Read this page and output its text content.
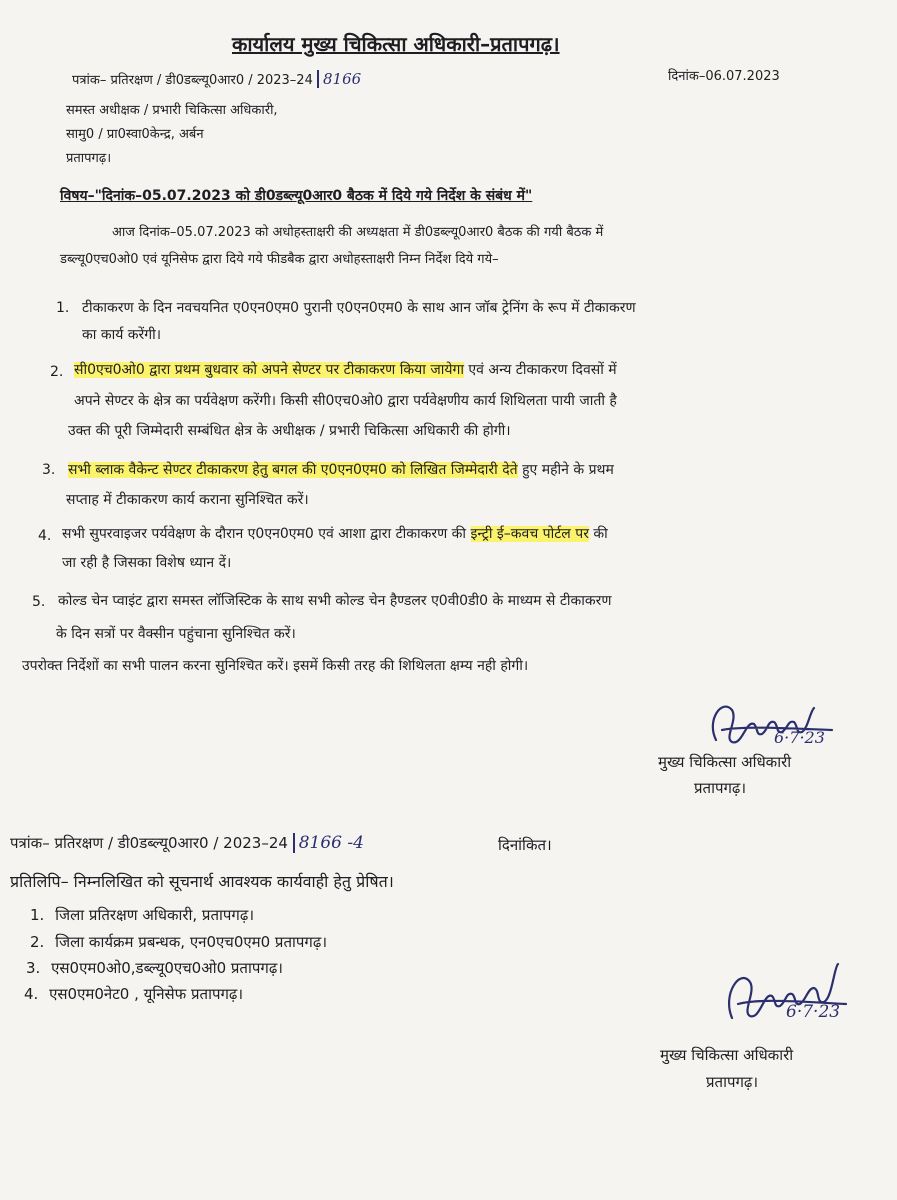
कार्यालय मुख्य चिकित्सा अधिकारी–प्रतापगढ़।
पत्रांक– प्रतिरक्षण / डी0डब्ल्यू0आर0 / 2023–24 8166	दिनांक–06.07.2023
समस्त अधीक्षक / प्रभारी चिकित्सा अधिकारी,
सामु0 / प्रा0स्वा0केन्द्र, अर्बन
प्रतापगढ़।
विषय–"दिनांक–05.07.2023 को डी0डब्ल्यू0आर0 बैठक में दिये गये निर्देश के संबंध में"
आज दिनांक–05.07.2023 को अधोहस्ताक्षरी की अध्यक्षता में डी0डब्ल्यू0आर0 बैठक की गयी बैठक में
डब्ल्यू0एच0ओ0 एवं यूनिसेफ द्वारा दिये गये फीडबैक द्वारा अधोहस्ताक्षरी निम्न निर्देश दिये गये–
1. टीकाकरण के दिन नवचयनित ए0एन0एम0 पुरानी ए0एन0एम0 के साथ आन जॉब ट्रेनिंग के रूप में टीकाकरण
का कार्य करेंगी।
2. सी0एच0ओ0 द्वारा प्रथम बुधवार को अपने सेण्टर पर टीकाकरण किया जायेगा एवं अन्य टीकाकरण दिवसों में
अपने सेण्टर के क्षेत्र का पर्यवेक्षण करेंगी। किसी सी0एच0ओ0 द्वारा पर्यवेक्षणीय कार्य शिथिलता पायी जाती है
उक्त की पूरी जिम्मेदारी सम्बंधित क्षेत्र के अधीक्षक / प्रभारी चिकित्सा अधिकारी की होगी।
3. सभी ब्लाक वैकेन्ट सेण्टर टीकाकरण हेतु बगल की ए0एन0एम0 को लिखित जिम्मेदारी देते हुए महीने के प्रथम
सप्ताह में टीकाकरण कार्य कराना सुनिश्चित करें।
4. सभी सुपरवाइजर पर्यवेक्षण के दौरान ए0एन0एम0 एवं आशा द्वारा टीकाकरण की इन्ट्री ई–कवच पोर्टल पर की
जा रही है जिसका विशेष ध्यान दें।
5. कोल्ड चेन प्वाइंट द्वारा समस्त लॉजिस्टिक के साथ सभी कोल्ड चेन हैण्डलर ए0वी0डी0 के माध्यम से टीकाकरण
के दिन सत्रों पर वैक्सीन पहुंचाना सुनिश्चित करें।
उपरोक्त निर्देशों का सभी पालन करना सुनिश्चित करें। इसमें किसी तरह की शिथिलता क्षम्य नही होगी।
6·7·23
मुख्य चिकित्सा अधिकारी
प्रतापगढ़।
पत्रांक– प्रतिरक्षण / डी0डब्ल्यू0आर0 / 2023–24 8166 -4	दिनांकित।
प्रतिलिपि– निम्नलिखित को सूचनार्थ आवश्यक कार्यवाही हेतु प्रेषित।
1. जिला प्रतिरक्षण अधिकारी, प्रतापगढ़।
2. जिला कार्यक्रम प्रबन्धक, एन0एच0एम0 प्रतापगढ़।
3. एस0एम0ओ0,डब्ल्यू0एच0ओ0 प्रतापगढ़।
4. एस0एम0नेट0 , यूनिसेफ प्रतापगढ़।
6·7·23
मुख्य चिकित्सा अधिकारी
प्रतापगढ़।
